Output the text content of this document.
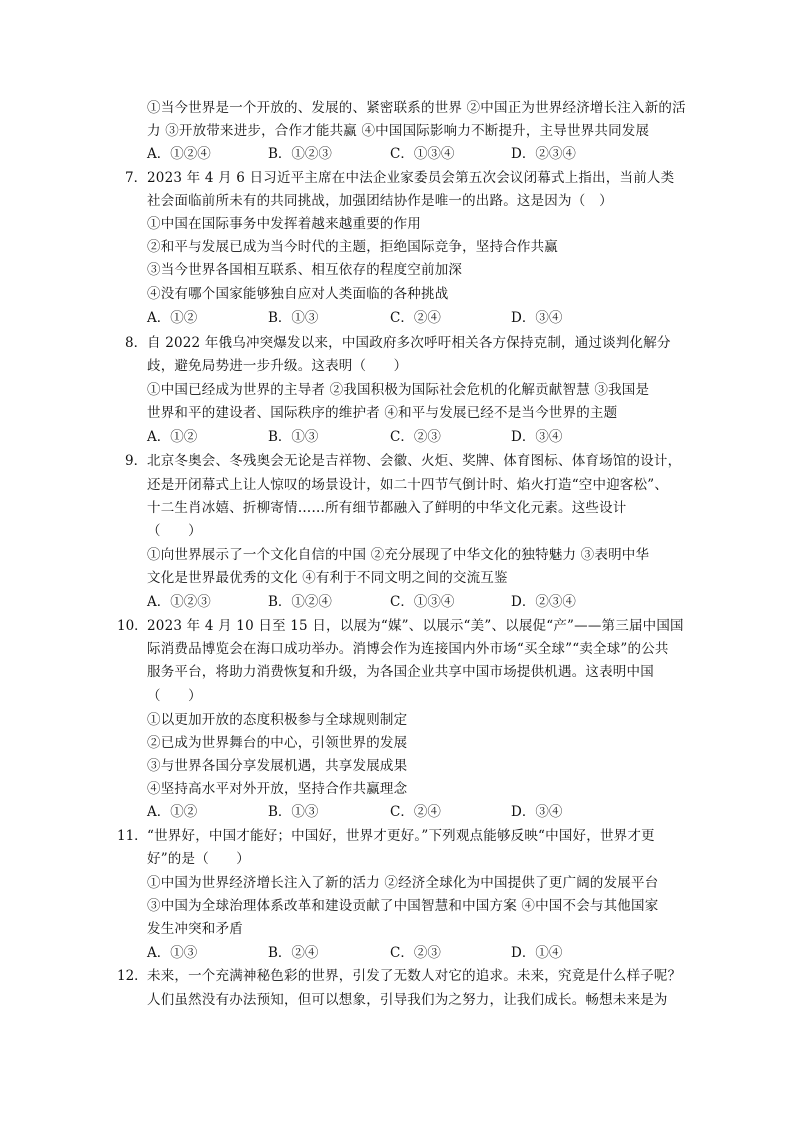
①当今世界是一个开放的、发展的、紧密联系的世界 ②中国正为世界经济增长注入新的活
力 ③开放带来进步，合作才能共赢 ④中国国际影响力不断提升，主导世界共同发展
A．①②④	B．①②③	C．①③④	D．②③④
7． 2023 年 4 月 6 日习近平主席在中法企业家委员会第五次会议闭幕式上指出，当前人类
社会面临前所未有的共同挑战，加强团结协作是唯一的出路。这是因为（　）
①中国在国际事务中发挥着越来越重要的作用
②和平与发展已成为当今时代的主题，拒绝国际竞争，坚持合作共赢
③当今世界各国相互联系、相互依存的程度空前加深
④没有哪个国家能够独自应对人类面临的各种挑战
A．①②	B．①③	C．②④	D．③④
8． 自 2022 年俄乌冲突爆发以来，中国政府多次呼吁相关各方保持克制，通过谈判化解分
歧，避免局势进一步升级。这表明（　　）
①中国已经成为世界的主导者 ②我国积极为国际社会危机的化解贡献智慧 ③我国是
世界和平的建设者、国际秩序的维护者 ④和平与发展已经不是当今世界的主题
A．①②	B．①③	C．②③	D．③④
9． 北京冬奥会、冬残奥会无论是吉祥物、会徽、火炬、奖牌、体育图标、体育场馆的设计，
还是开闭幕式上让人惊叹的场景设计，如二十四节气倒计时、焰火打造“空中迎客松”、
十二生肖冰嬉、折柳寄情……所有细节都融入了鲜明的中华文化元素。这些设计
（　　）
①向世界展示了一个文化自信的中国 ②充分展现了中华文化的独特魅力 ③表明中华
文化是世界最优秀的文化 ④有利于不同文明之间的交流互鉴
A．①②③	B．①②④	C．①③④	D．②③④
10． 2023 年 4 月 10 日至 15 日，以展为“媒”、以展示“美”、以展促“产”——第三届中国国
际消费品博览会在海口成功举办。消博会作为连接国内外市场“买全球”“卖全球”的公共
服务平台，将助力消费恢复和升级，为各国企业共享中国市场提供机遇。这表明中国
（　　）
①以更加开放的态度积极参与全球规则制定
②已成为世界舞台的中心，引领世界的发展
③与世界各国分享发展机遇，共享发展成果
④坚持高水平对外开放，坚持合作共赢理念
A．①②	B．①③	C．②④	D．③④
11． “世界好，中国才能好；中国好，世界才更好。”下列观点能够反映“中国好，世界才更
好”的是（　　）
①中国为世界经济增长注入了新的活力 ②经济全球化为中国提供了更广阔的发展平台
③中国为全球治理体系改革和建设贡献了中国智慧和中国方案 ④中国不会与其他国家
发生冲突和矛盾
A．①③	B．②④	C．②③	D．①④
12． 未来，一个充满神秘色彩的世界，引发了无数人对它的追求。未来，究竟是什么样子呢？
人们虽然没有办法预知，但可以想象，引导我们为之努力，让我们成长。畅想未来是为
